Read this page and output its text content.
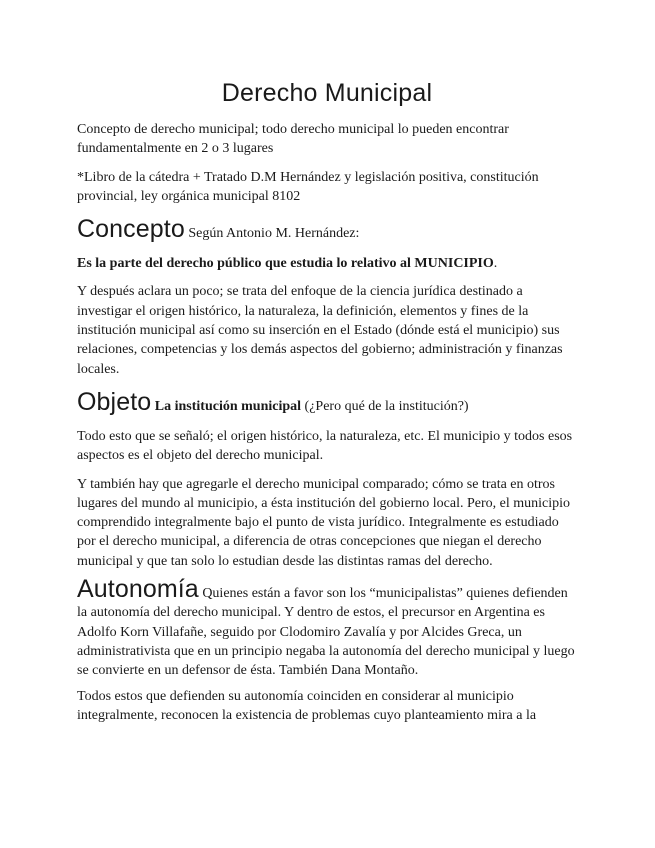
Derecho Municipal

Concepto de derecho municipal; todo derecho municipal lo pueden encontrar fundamentalmente en 2 o 3 lugares

*Libro de la cátedra + Tratado D.M Hernández y legislación positiva, constitución provincial, ley orgánica municipal 8102

Concepto Según Antonio M. Hernández:

Es la parte del derecho público que estudia lo relativo al MUNICIPIO.

Y después aclara un poco; se trata del enfoque de la ciencia jurídica destinado a investigar el origen histórico, la naturaleza, la definición, elementos y fines de la institución municipal así como su inserción en el Estado (dónde está el municipio) sus relaciones, competencias y los demás aspectos del gobierno; administración y finanzas locales.

Objeto La institución municipal (¿Pero qué de la institución?)

Todo esto que se señaló; el origen histórico, la naturaleza, etc. El municipio y todos esos aspectos es el objeto del derecho municipal.

Y también hay que agregarle el derecho municipal comparado; cómo se trata en otros lugares del mundo al municipio, a ésta institución del gobierno local. Pero, el municipio comprendido integralmente bajo el punto de vista jurídico. Integralmente es estudiado por el derecho municipal, a diferencia de otras concepciones que niegan el derecho municipal y que tan solo lo estudian desde las distintas ramas del derecho.

Autonomía Quienes están a favor son los “municipalistas” quienes defienden la autonomía del derecho municipal. Y dentro de estos, el precursor en Argentina es Adolfo Korn Villafañe, seguido por Clodomiro Zavalía y por Alcides Greca, un administrativista que en un principio negaba la autonomía del derecho municipal y luego se convierte en un defensor de ésta. También Dana Montaño.

Todos estos que defienden su autonomía coinciden en considerar al municipio integralmente, reconocen la existencia de problemas cuyo planteamiento mira a la
